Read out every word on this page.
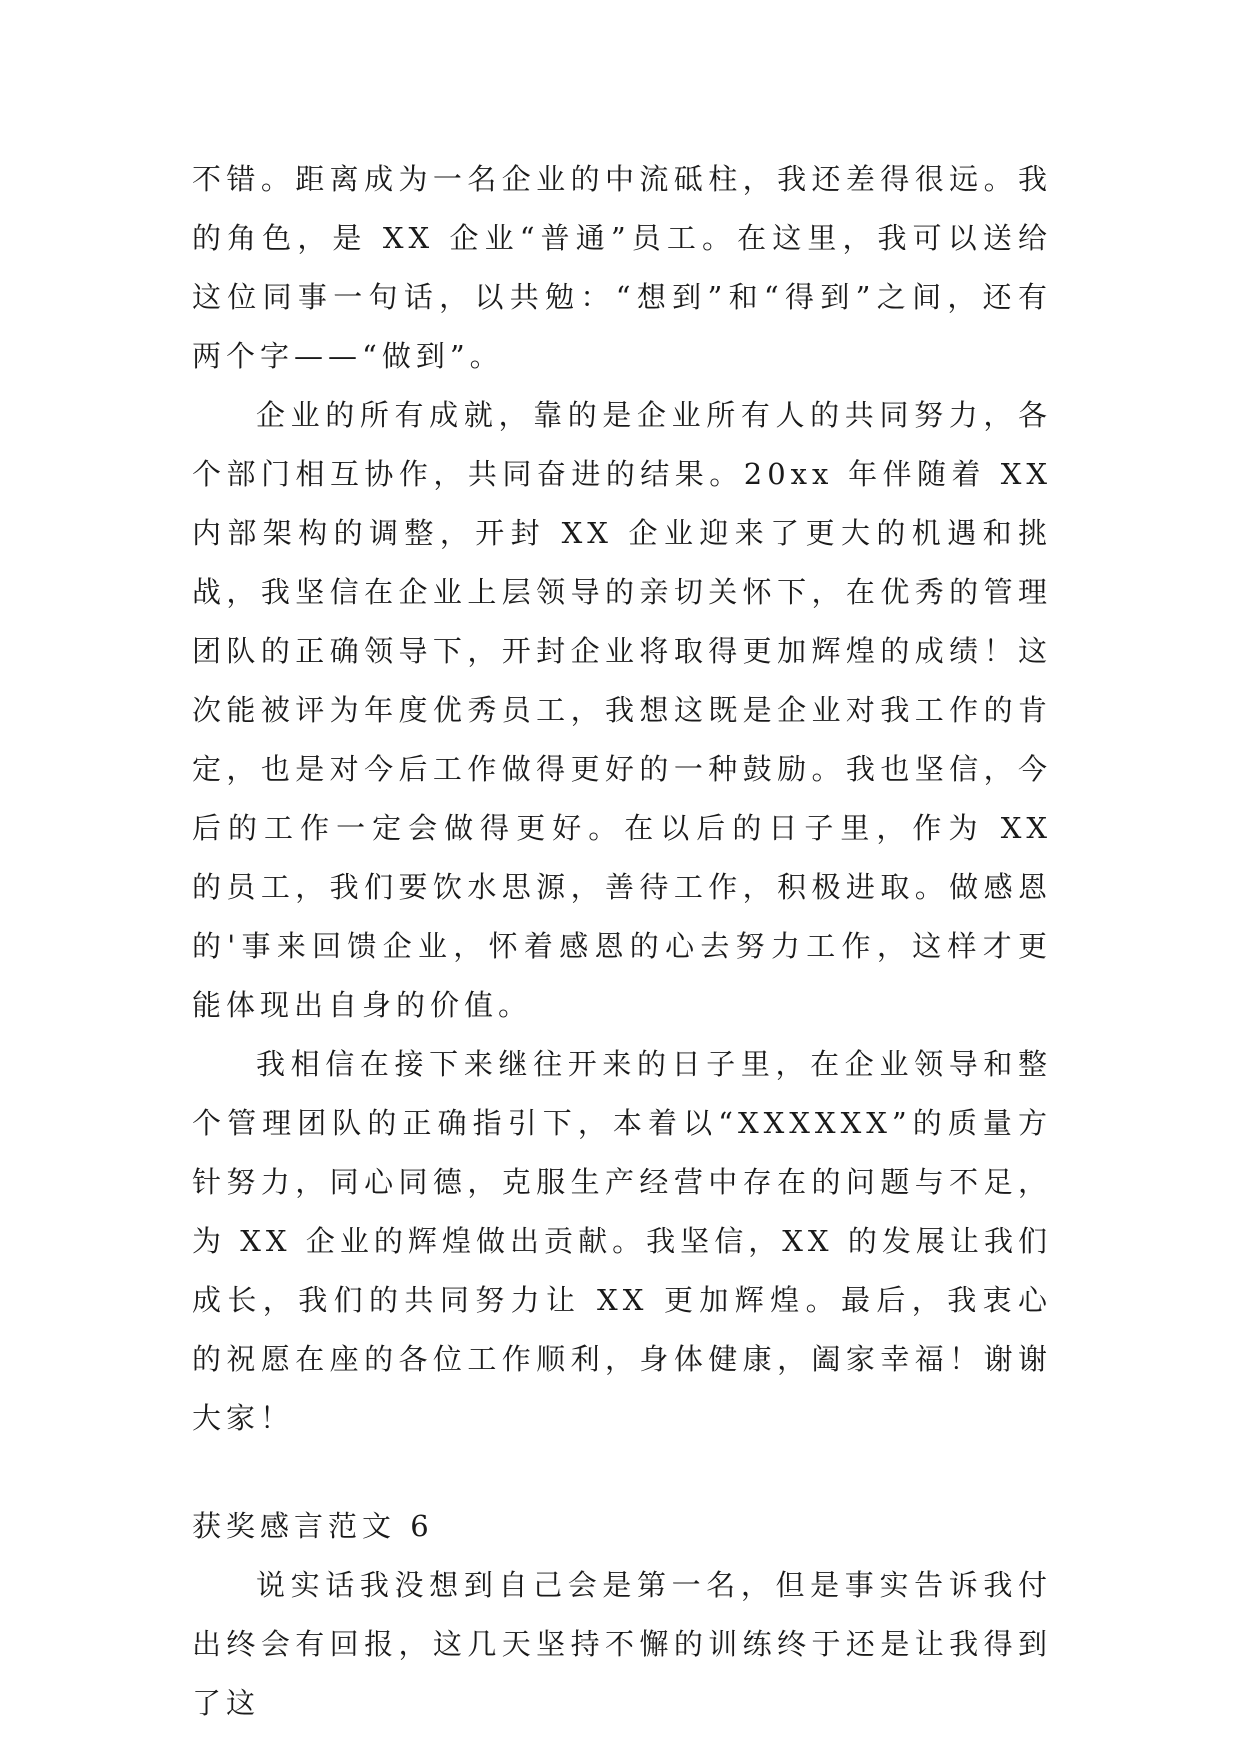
不错。距离成为一名企业的中流砥柱，我还差得很远。我的角色，是 XX 企业“普通”员工。在这里，我可以送给这位同事一句话，以共勉：“想到”和“得到”之间，还有两个字——“做到”。

企业的所有成就，靠的是企业所有人的共同努力，各个部门相互协作，共同奋进的结果。20xx 年伴随着 XX 内部架构的调整，开封 XX 企业迎来了更大的机遇和挑战，我坚信在企业上层领导的亲切关怀下，在优秀的管理团队的正确领导下，开封企业将取得更加辉煌的成绩！这次能被评为年度优秀员工，我想这既是企业对我工作的肯定，也是对今后工作做得更好的一种鼓励。我也坚信，今后的工作一定会做得更好。在以后的日子里，作为 XX 的员工，我们要饮水思源，善待工作，积极进取。做感恩的'事来回馈企业，怀着感恩的心去努力工作，这样才更能体现出自身的价值。

我相信在接下来继往开来的日子里，在企业领导和整个管理团队的正确指引下，本着以“XXXXXX”的质量方针努力，同心同德，克服生产经营中存在的问题与不足，为 XX 企业的辉煌做出贡献。我坚信，XX 的发展让我们成长，我们的共同努力让 XX 更加辉煌。最后，我衷心的祝愿在座的各位工作顺利，身体健康，阖家幸福！谢谢大家！

获奖感言范文 6

说实话我没想到自己会是第一名，但是事实告诉我付出终会有回报，这几天坚持不懈的训练终于还是让我得到了这
